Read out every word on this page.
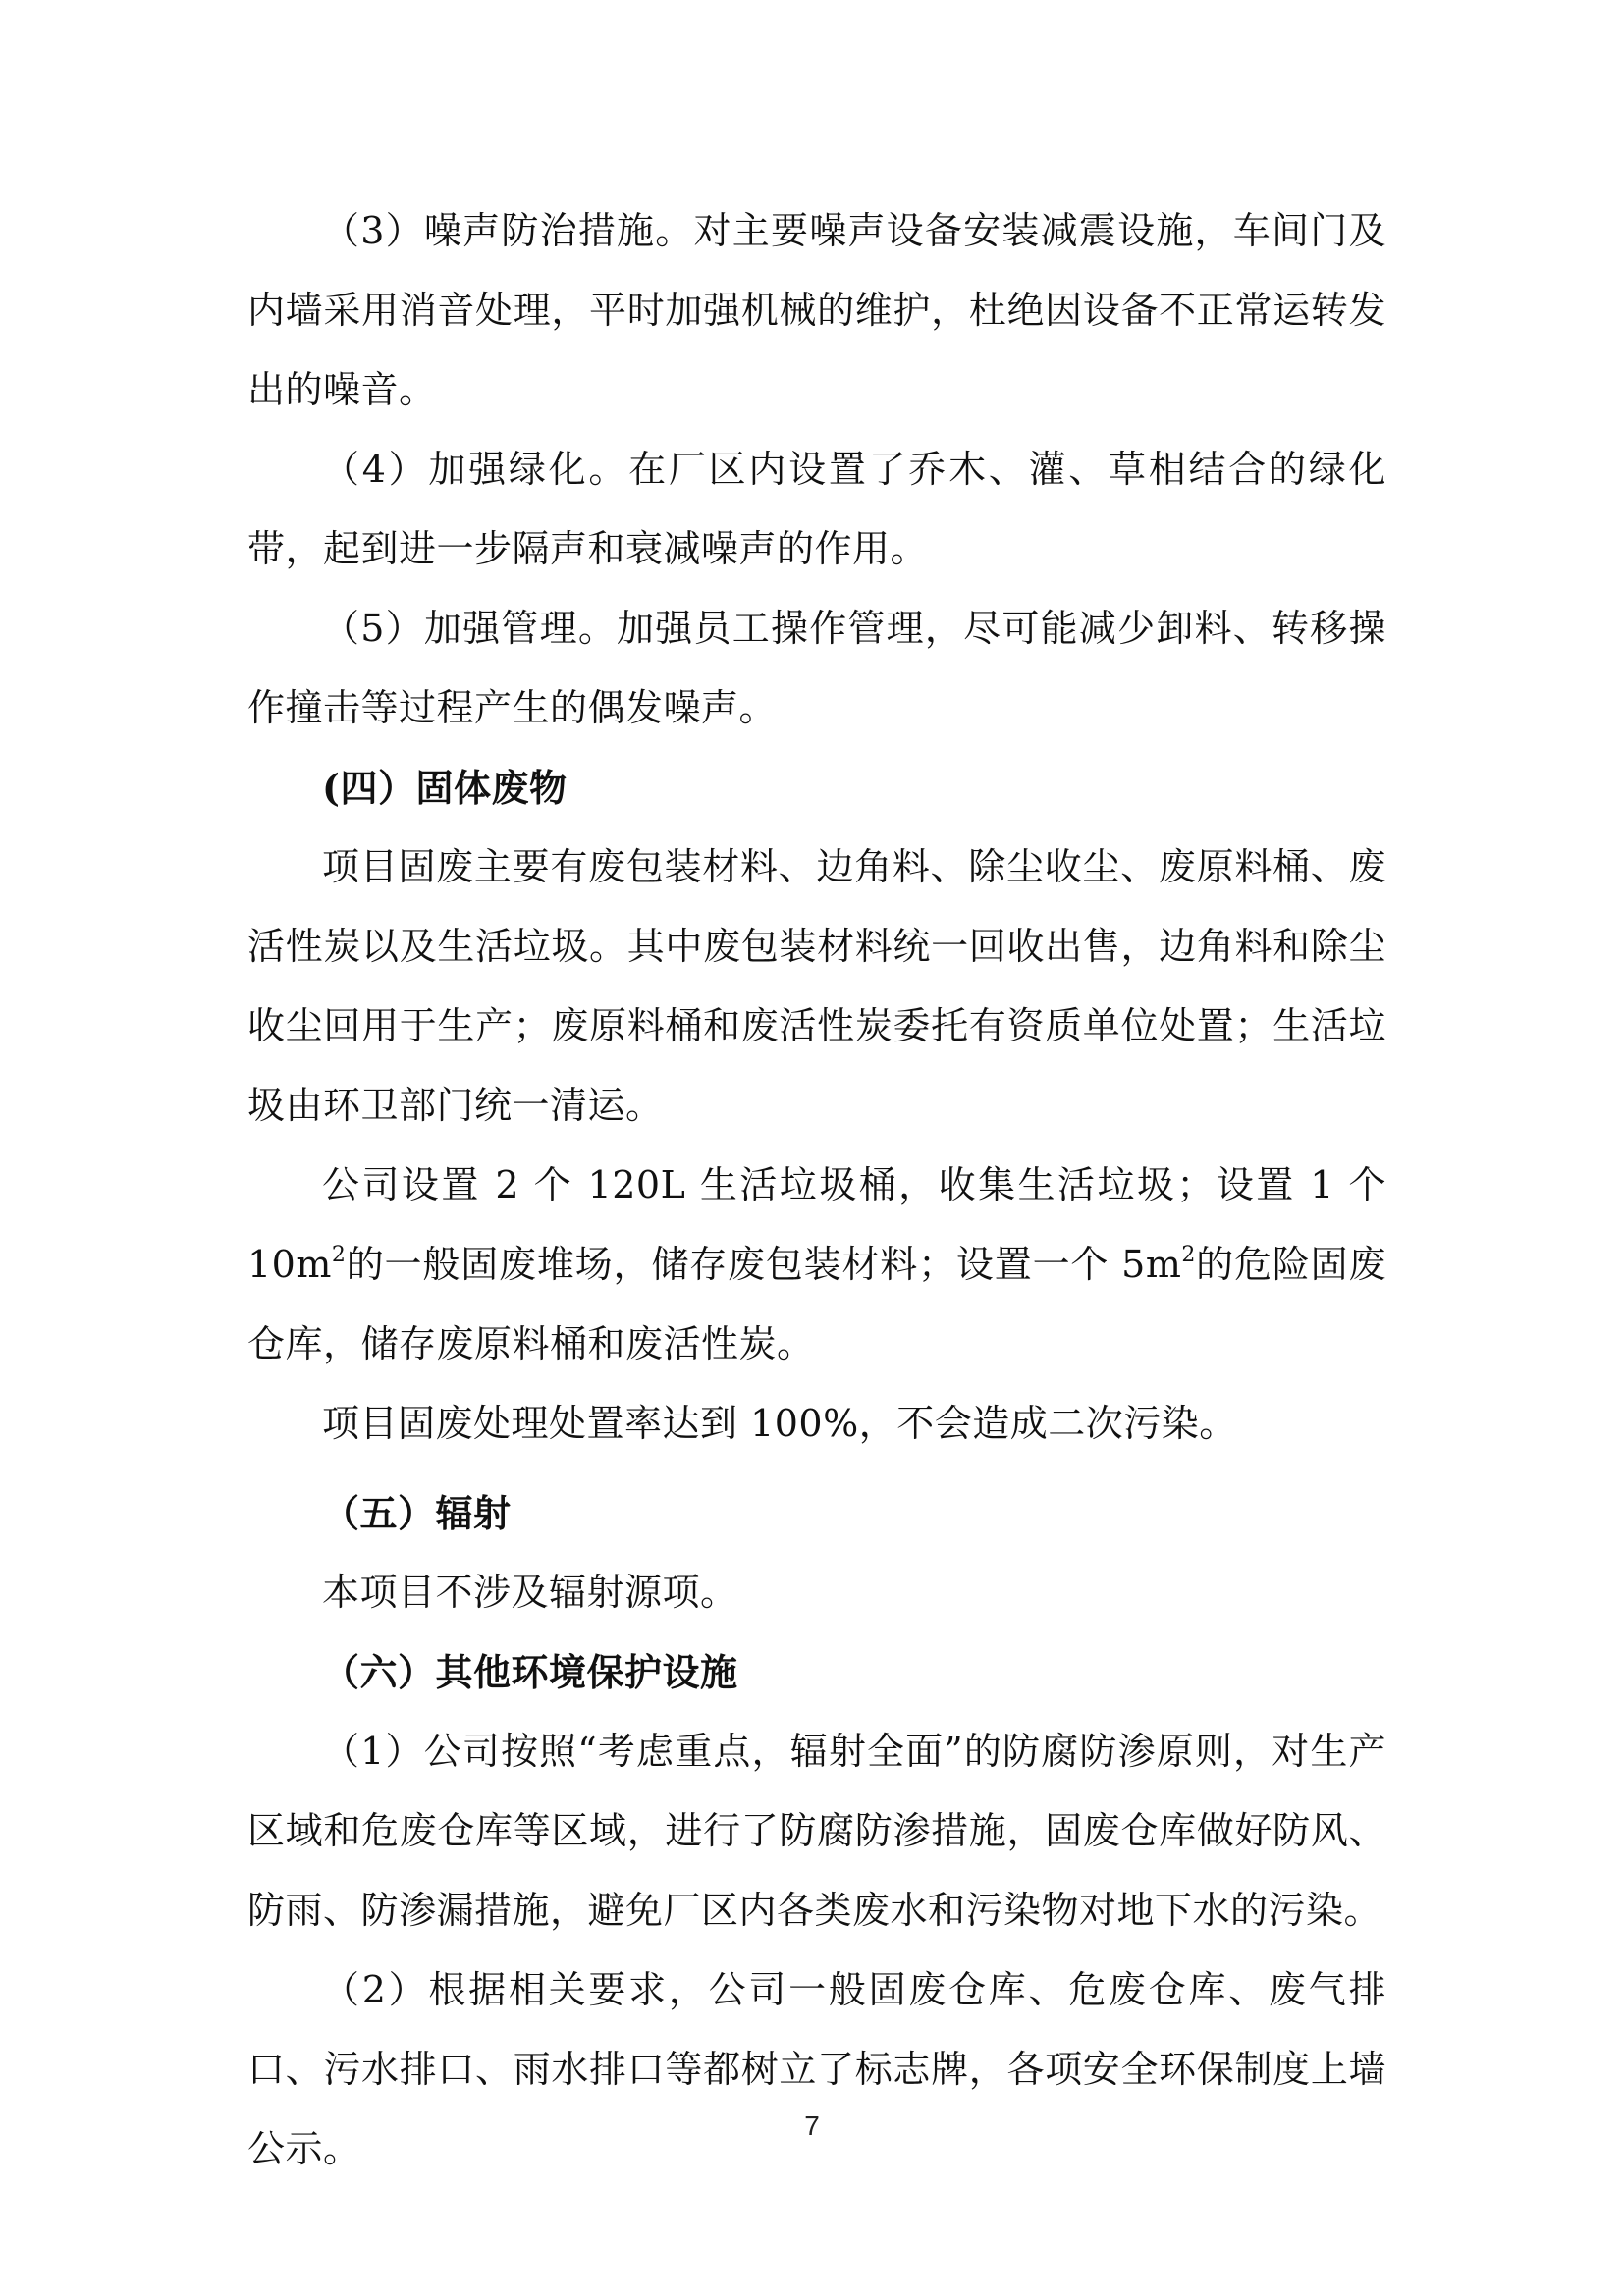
（3）噪声防治措施。对主要噪声设备安装减震设施，车间门及内墙采用消音处理，平时加强机械的维护，杜绝因设备不正常运转发出的噪音。

（4）加强绿化。在厂区内设置了乔木、灌、草相结合的绿化带，起到进一步隔声和衰减噪声的作用。

（5）加强管理。加强员工操作管理，尽可能减少卸料、转移操作撞击等过程产生的偶发噪声。

(四）固体废物

项目固废主要有废包装材料、边角料、除尘收尘、废原料桶、废活性炭以及生活垃圾。其中废包装材料统一回收出售，边角料和除尘收尘回用于生产；废原料桶和废活性炭委托有资质单位处置；生活垃圾由环卫部门统一清运。

公司设置 2 个 120L 生活垃圾桶，收集生活垃圾；设置 1 个 $10m^2$的一般固废堆场，储存废包装材料；设置一个 $5m^2$的危险固废仓库，储存废原料桶和废活性炭。

项目固废处理处置率达到 100%，不会造成二次污染。

（五）辐射

本项目不涉及辐射源项。

（六）其他环境保护设施

（1）公司按照“考虑重点，辐射全面”的防腐防渗原则，对生产区域和危废仓库等区域，进行了防腐防渗措施，固废仓库做好防风、防雨、防渗漏措施，避免厂区内各类废水和污染物对地下水的污染。

（2）根据相关要求，公司一般固废仓库、危废仓库、废气排口、污水排口、雨水排口等都树立了标志牌，各项安全环保制度上墙公示。

7
